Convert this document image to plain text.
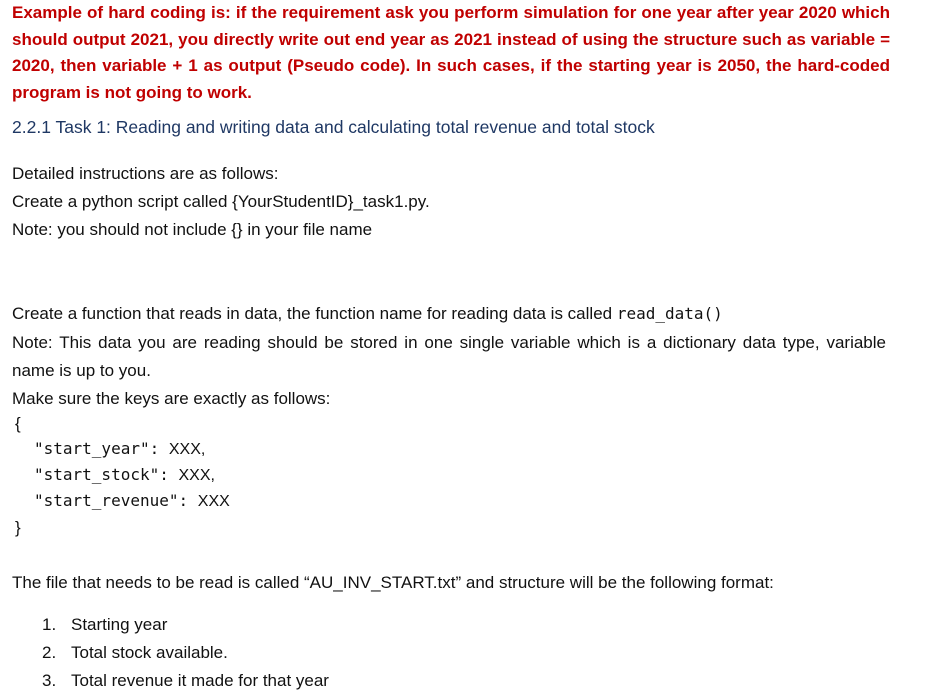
Example of hard coding is: if the requirement ask you perform simulation for one year after year 2020 which should output 2021, you directly write out end year as 2021 instead of using the structure such as variable = 2020, then variable + 1 as output (Pseudo code). In such cases, if the starting year is 2050, the hard-coded program is not going to work.
2.2.1 Task 1: Reading and writing data and calculating total revenue and total stock
Detailed instructions are as follows:
Create a python script called {YourStudentID}_task1.py.
Note: you should not include {} in your file name
Create a function that reads in data, the function name for reading data is called read_data()
Note: This data you are reading should be stored in one single variable which is a dictionary data type, variable name is up to you.
Make sure the keys are exactly as follows:
{
"start_year": XXX,
"start_stock": XXX,
"start_revenue": XXX
}
The file that needs to be read is called “AU_INV_START.txt” and structure will be the following format:
1. Starting year
2. Total stock available.
3. Total revenue it made for that year
